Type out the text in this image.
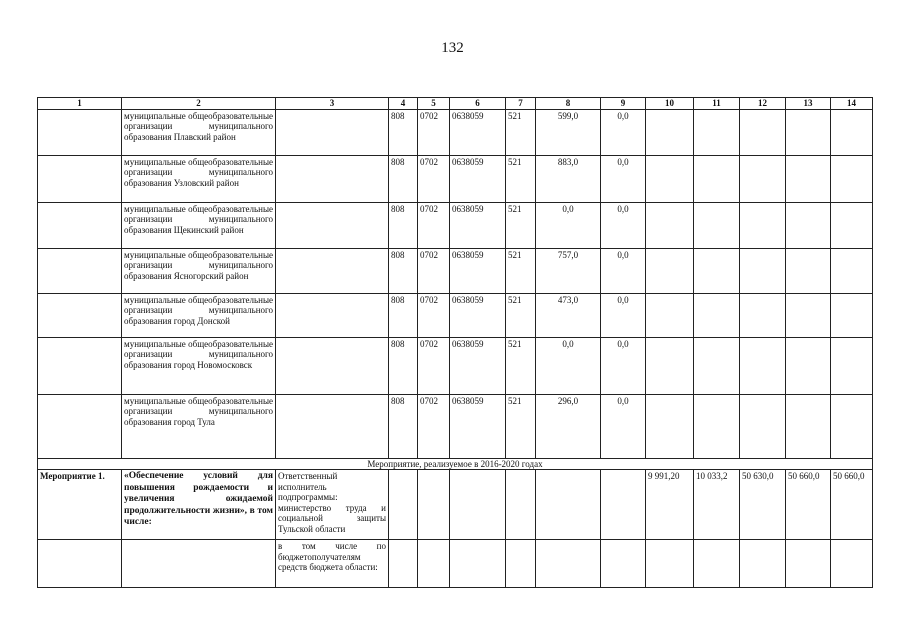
132
1	2	3	4	5	6	7	8	9	10	11	12	13	14
	муниципальные общеобразовательные организации муниципального образования Плавский район		808	0702	0638059	521	599,0	0,0					
	муниципальные общеобразовательные организации муниципального образования Узловский район		808	0702	0638059	521	883,0	0,0					
	муниципальные общеобразовательные организации муниципального образования Щекинский район		808	0702	0638059	521	0,0	0,0					
	муниципальные общеобразовательные организации муниципального образования Ясногорский район		808	0702	0638059	521	757,0	0,0					
	муниципальные общеобразовательные организации муниципального образования город Донской		808	0702	0638059	521	473,0	0,0					
	муниципальные общеобразовательные организации муниципального образования город Новомосковск		808	0702	0638059	521	0,0	0,0					
	муниципальные общеобразовательные организации муниципального образования город Тула		808	0702	0638059	521	296,0	0,0					
Мероприятие, реализуемое в 2016-2020 годах													
Мероприятие 1.	«Обеспечение условий для повышения рождаемости и увеличения ожидаемой продолжительности жизни», в том числе:	Ответственный исполнитель подпрограммы: министерство труда и социальной защиты Тульской области							9 991,20	10 033,2	50 630,0	50 660,0	50 660,0
		в том числе по бюджетополучателям средств бюджета области:											
